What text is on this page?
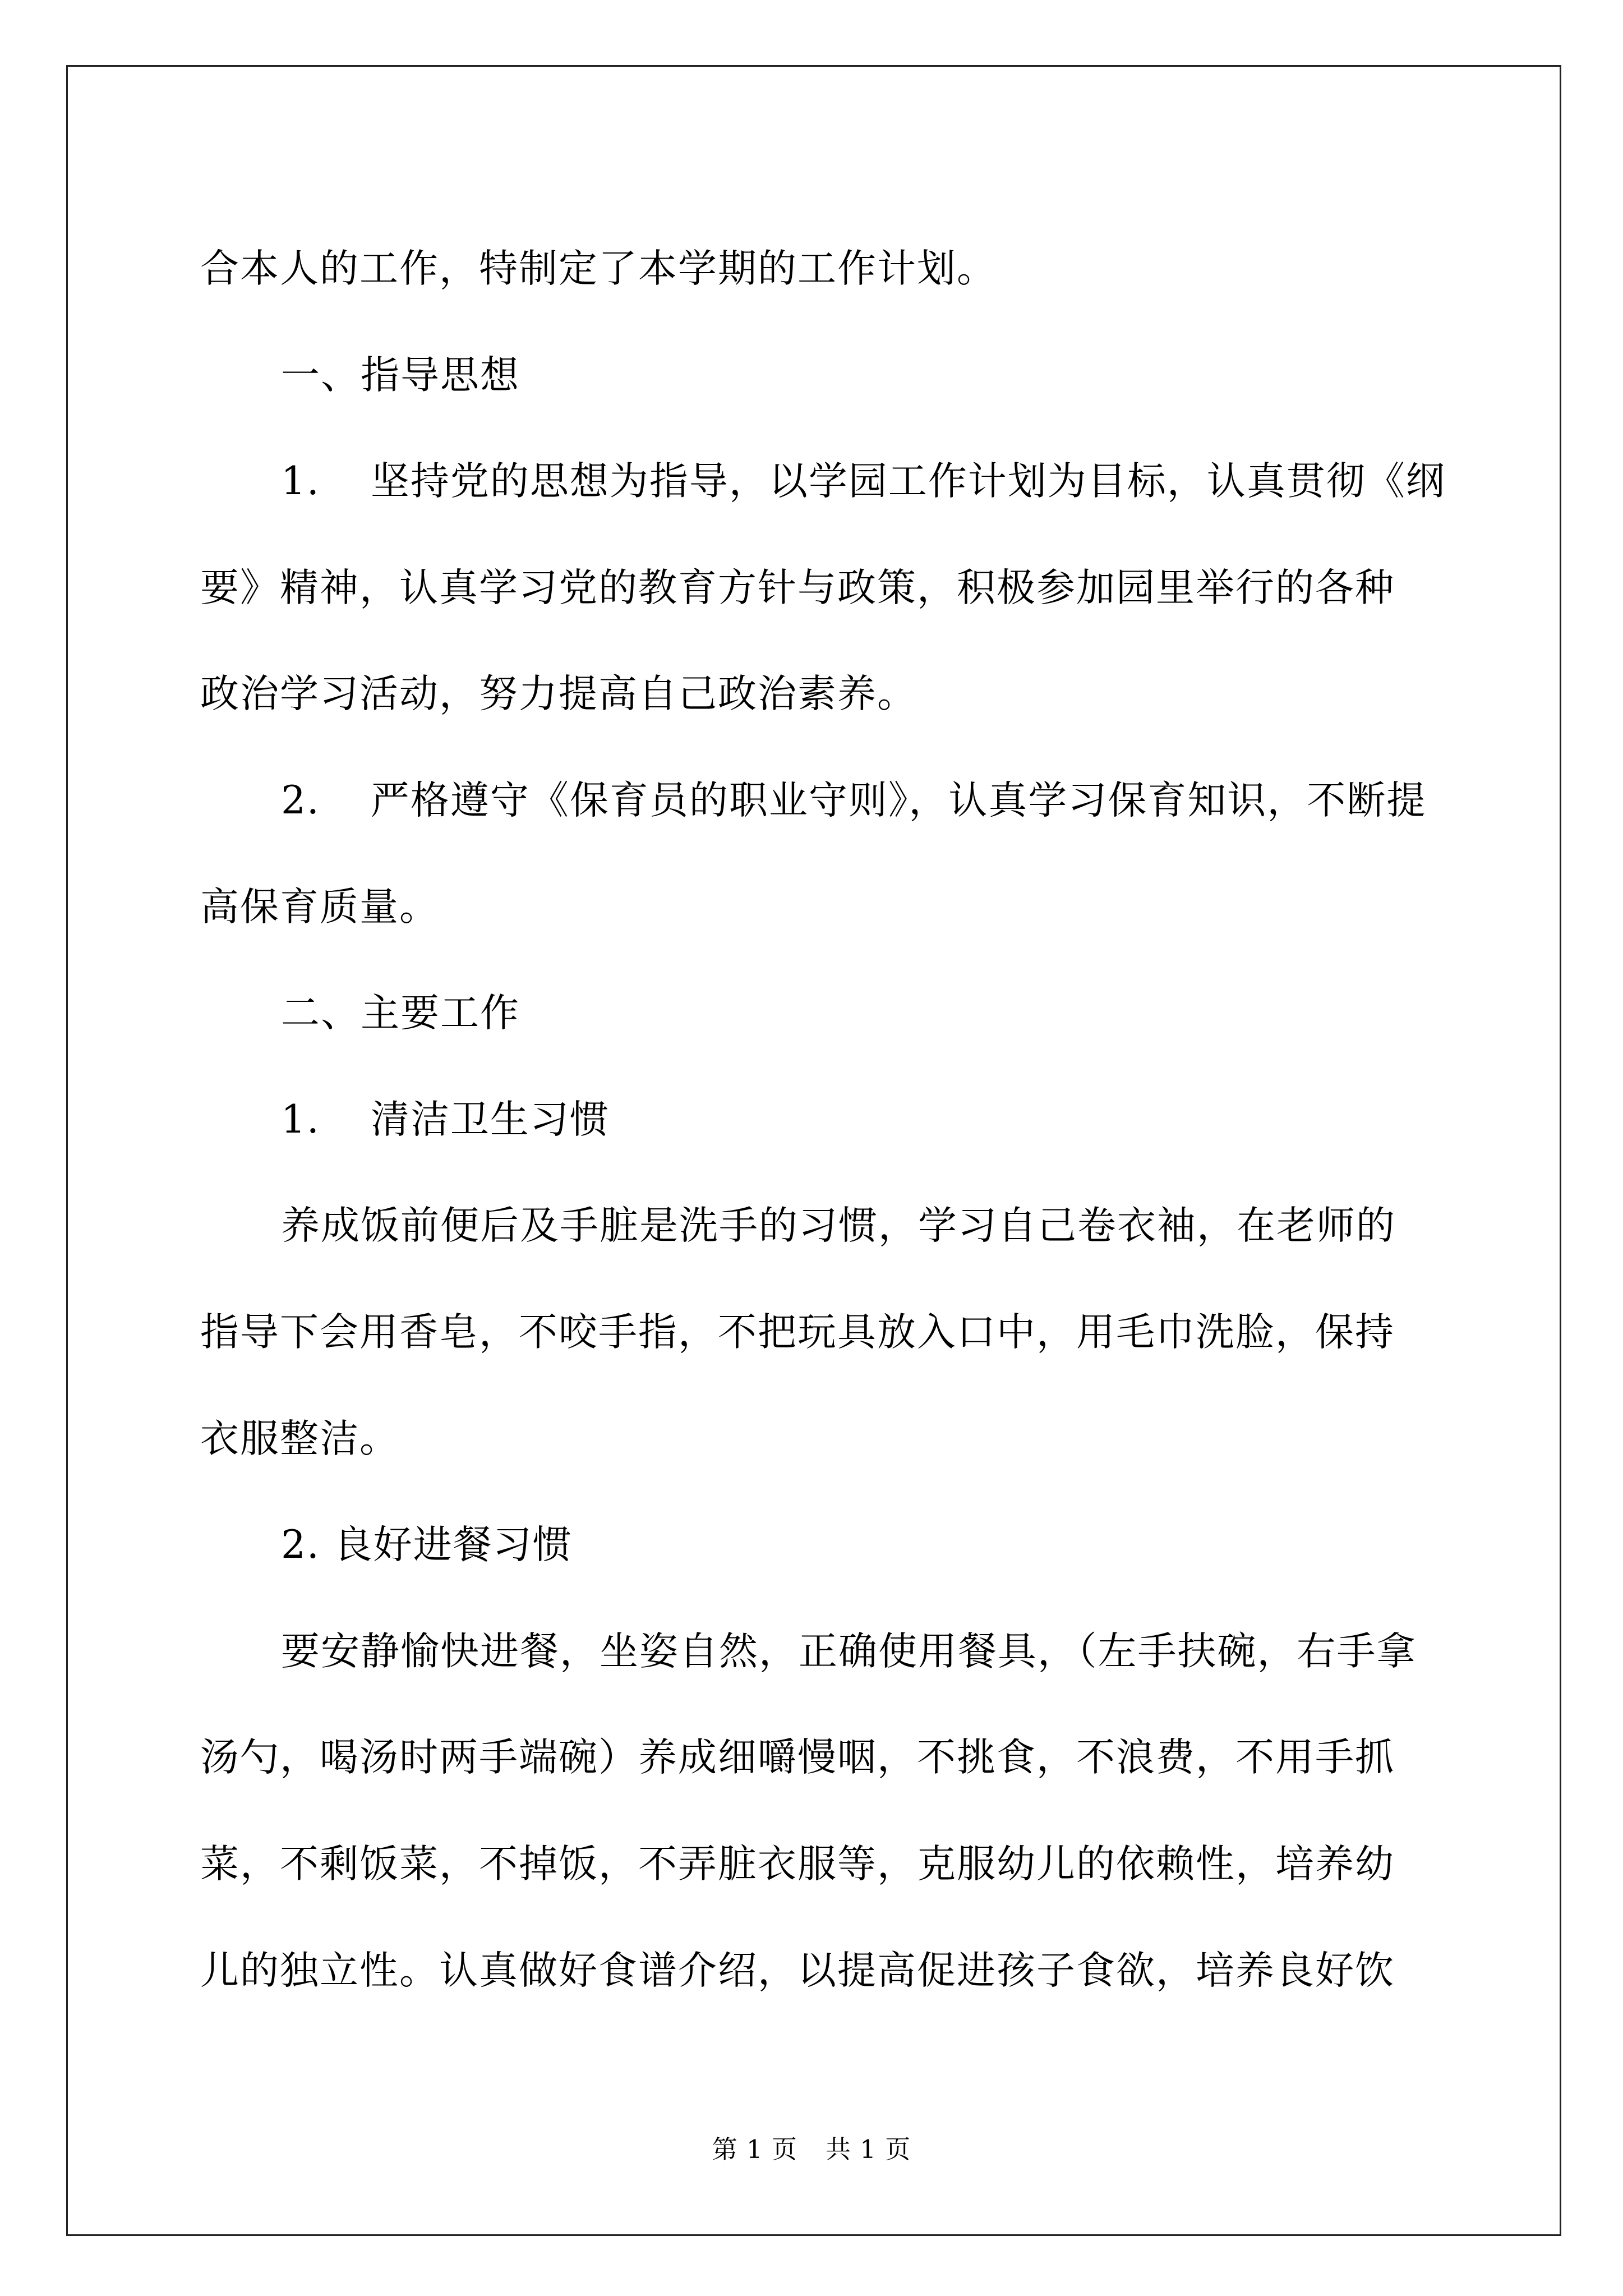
合本人的工作，特制定了本学期的工作计划。
一、指导思想
1. 坚持党的思想为指导，以学园工作计划为目标，认真贯彻《纲
要》精神，认真学习党的教育方针与政策，积极参加园里举行的各种
政治学习活动，努力提高自己政治素养。
2. 严格遵守《保育员的职业守则》，认真学习保育知识，不断提
高保育质量。
二、主要工作
1. 清洁卫生习惯
养成饭前便后及手脏是洗手的习惯，学习自己卷衣袖，在老师的
指导下会用香皂，不咬手指，不把玩具放入口中，用毛巾洗脸，保持
衣服整洁。
2. 良好进餐习惯
要安静愉快进餐，坐姿自然，正确使用餐具，（左手扶碗，右手拿
汤勺，喝汤时两手端碗）养成细嚼慢咽，不挑食，不浪费，不用手抓
菜，不剩饭菜，不掉饭，不弄脏衣服等，克服幼儿的依赖性，培养幼
儿的独立性。认真做好食谱介绍，以提高促进孩子食欲，培养良好饮
第 1 页 共 1 页
